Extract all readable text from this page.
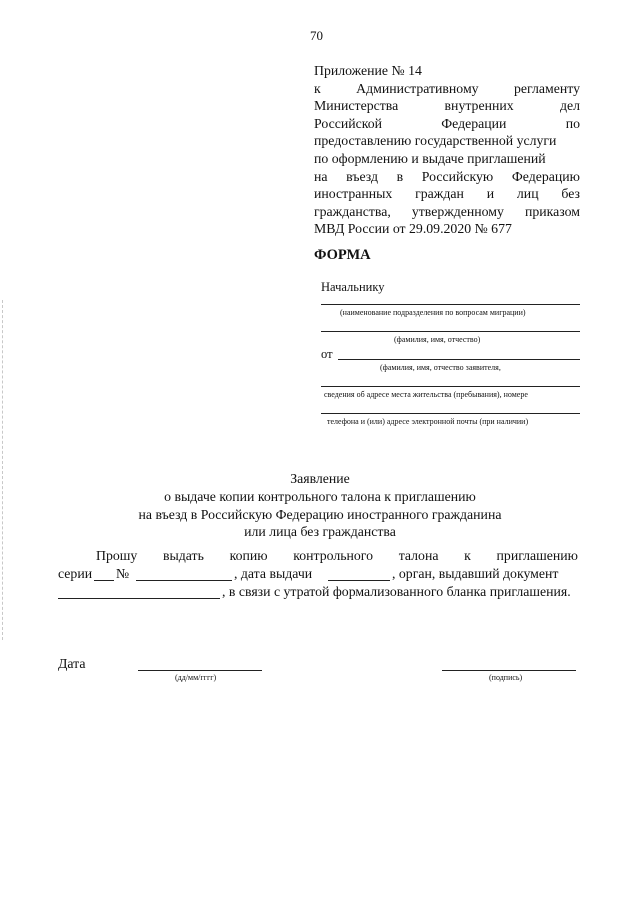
70
Приложение № 14
к	Административному	регламенту
Министерства	внутренних	дел
Российской	Федерации	по
предоставлению государственной услуги
по оформлению и выдаче приглашений
на въезд в Российскую Федерацию
иностранных граждан и лиц без
гражданства, утвержденному приказом
МВД России от 29.09.2020 № 677
ФОРМА
Начальнику
(наименование подразделения по вопросам миграции)
(фамилия, имя, отчество)
от
(фамилия, имя, отчество заявителя,
сведения об адресе места жительства (пребывания), номере
телефона и (или) адресе электронной почты (при наличии)
Заявление
о выдаче копии контрольного талона к приглашению
на въезд в Российскую Федерацию иностранного гражданина
или лица без гражданства
Прошу выдать копию контрольного талона к приглашению
серии №	, дата выдачи	, орган, выдавший документ
, в связи с утратой формализованного бланка приглашения.
Дата
(дд/мм/гггг)	(подпись)
